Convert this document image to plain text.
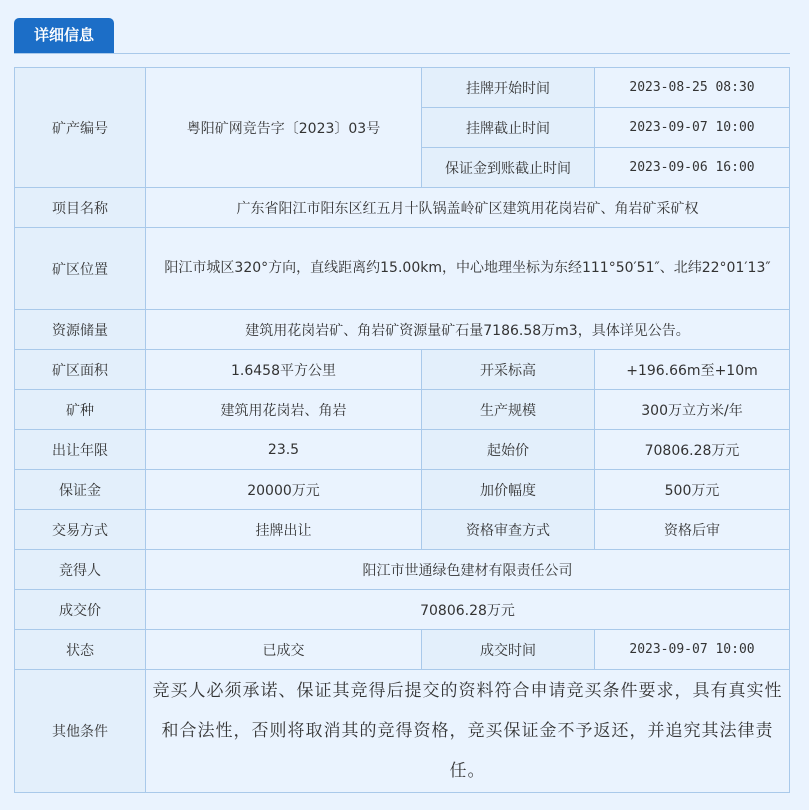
详细信息
矿产编号	粤阳矿网竞告字〔2023〕03号	挂牌开始时间	2023-08-25 08:30
		挂牌截止时间	2023-09-07 10:00
		保证金到账截止时间	2023-09-06 16:00
项目名称	广东省阳江市阳东区红五月十队锅盖岭矿区建筑用花岗岩矿、角岩矿采矿权		
矿区位置	阳江市城区320°方向，直线距离约15.00km，中心地理坐标为东经111°50′51″、北纬22°01′13″		
资源储量	建筑用花岗岩矿、角岩矿资源量矿石量7186.58万m3，具体详见公告。		
矿区面积	1.6458平方公里	开采标高	+196.66m至+10m
矿种	建筑用花岗岩、角岩	生产规模	300万立方米/年
出让年限	23.5	起始价	70806.28万元
保证金	20000万元	加价幅度	500万元
交易方式	挂牌出让	资格审查方式	资格后审
竞得人	阳江市世通绿色建材有限责任公司		
成交价	70806.28万元		
状态	已成交	成交时间	2023-09-07 10:00
其他条件	竞买人必须承诺、保证其竞得后提交的资料符合申请竞买条件要求，具有真实性和合法性，否则将取消其的竞得资格，竞买保证金不予返还，并追究其法律责任。		
